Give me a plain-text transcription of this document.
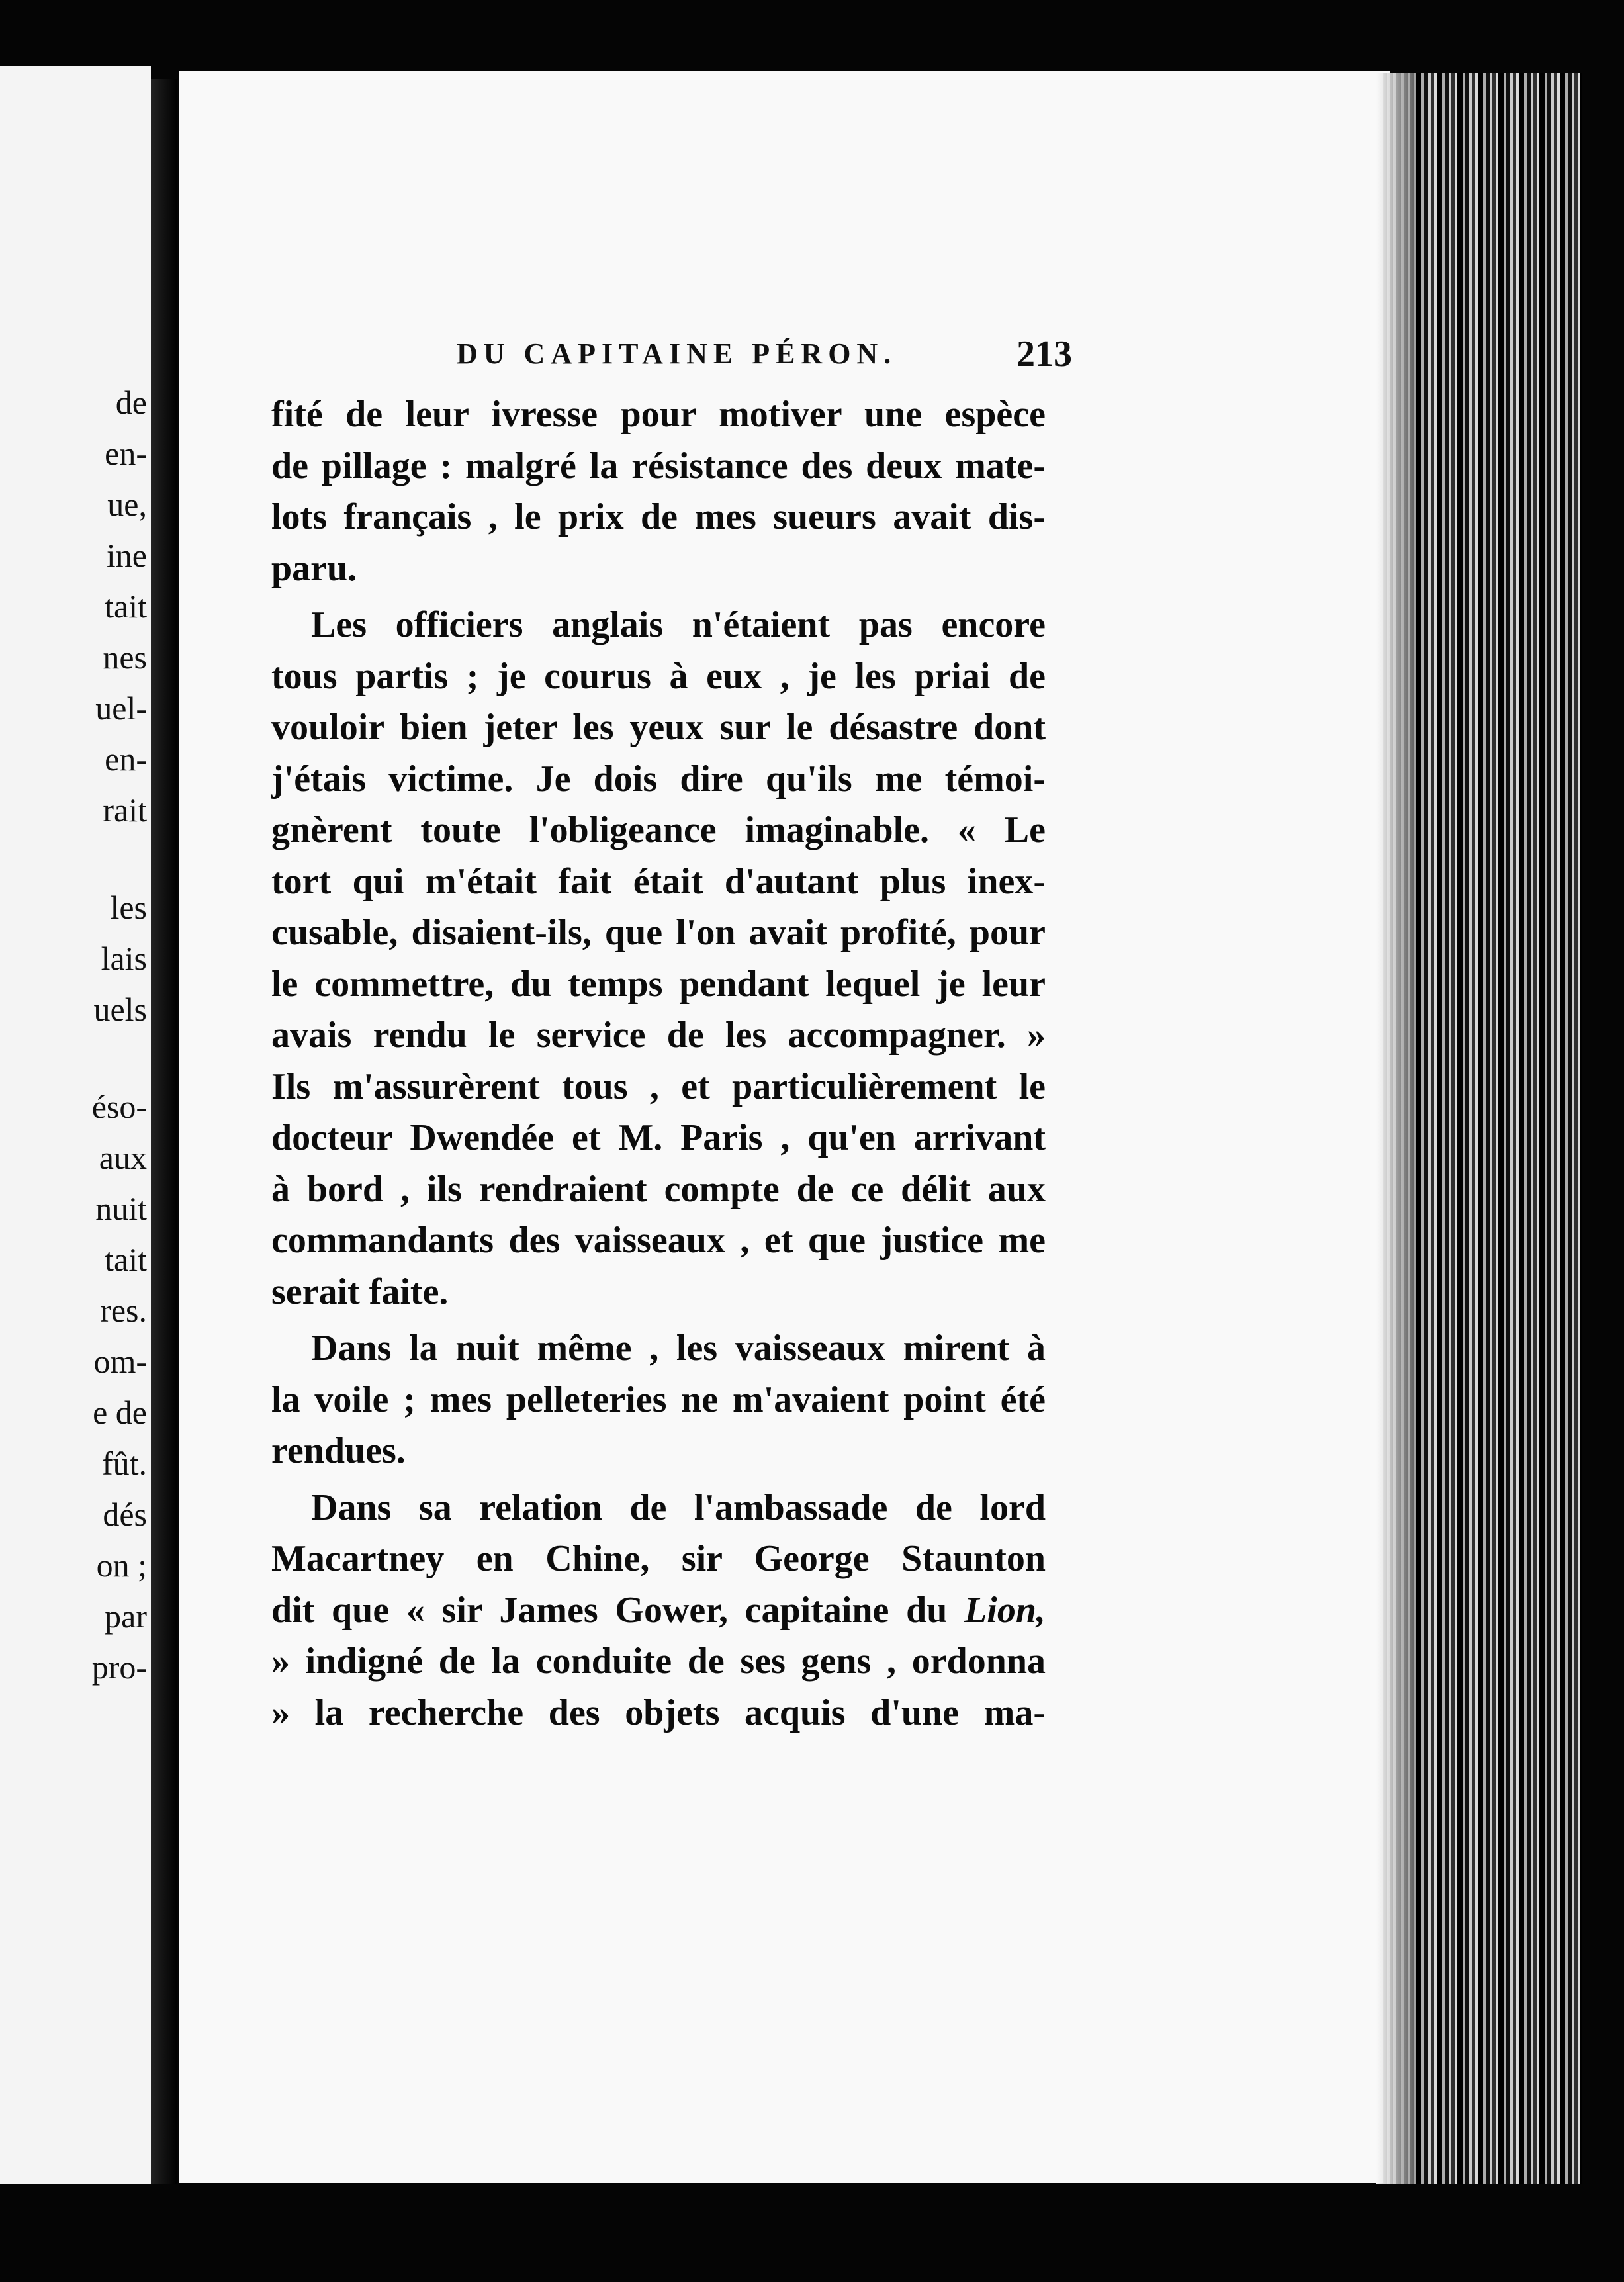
de
en-
ue,
ine
tait
nes
uel-
en-
rait
les
lais
uels
éso-
aux
nuit
tait
res.
om-
e de
fût.
dés
on ;
par
pro-
DU CAPITAINE PÉRON.	213
fité de leur ivresse pour motiver une espèce
de pillage : malgré la résistance des deux mate-
lots français , le prix de mes sueurs avait dis-
paru.
Les officiers anglais n'étaient pas encore
tous partis ; je courus à eux , je les priai de
vouloir bien jeter les yeux sur le désastre dont
j'étais victime. Je dois dire qu'ils me témoi-
gnèrent toute l'obligeance imaginable. « Le
tort qui m'était fait était d'autant plus inex-
cusable, disaient-ils, que l'on avait profité, pour
le commettre, du temps pendant lequel je leur
avais rendu le service de les accompagner. »
Ils m'assurèrent tous , et particulièrement le
docteur Dwendée et M. Paris , qu'en arrivant
à bord , ils rendraient compte de ce délit aux
commandants des vaisseaux , et que justice me
serait faite.
Dans la nuit même , les vaisseaux mirent à
la voile ; mes pelleteries ne m'avaient point été
rendues.
Dans sa relation de l'ambassade de lord
Macartney en Chine, sir George Staunton
dit que « sir James Gower, capitaine du Lion,
» indigné de la conduite de ses gens , ordonna
» la recherche des objets acquis d'une ma-
